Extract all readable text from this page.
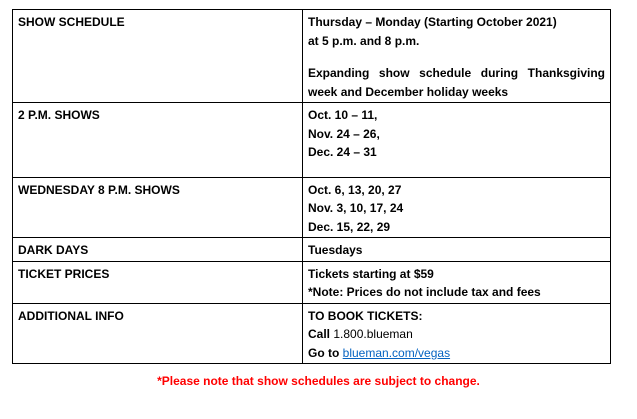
SHOW SCHEDULE	Thursday – Monday (Starting October 2021)
at 5 p.m. and 8 p.m.
Expanding show schedule during Thanksgiving week and December holiday weeks

2 P.M. SHOWS	Oct. 10 – 11,
Nov. 24 – 26,
Dec. 24 – 31

WEDNESDAY 8 P.M. SHOWS	Oct. 6, 13, 20, 27
Nov. 3, 10, 17, 24
Dec. 15, 22, 29

DARK DAYS	Tuesdays

TICKET PRICES	Tickets starting at $59
*Note: Prices do not include tax and fees

ADDITIONAL INFO	TO BOOK TICKETS:
Call 1.800.blueman
Go to blueman.com/vegas
*Please note that show schedules are subject to change.
